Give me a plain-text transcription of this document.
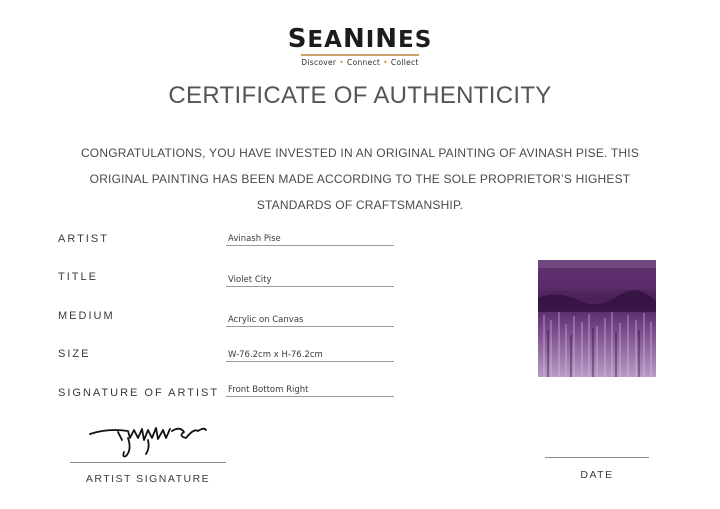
SEANINES
Discover • Connect • Collect
CERTIFICATE OF AUTHENTICITY
CONGRATULATIONS, YOU HAVE INVESTED IN AN ORIGINAL PAINTING OF AVINASH PISE. THIS
ORIGINAL PAINTING HAS BEEN MADE ACCORDING TO THE SOLE PROPRIETOR’S HIGHEST
STANDARDS OF CRAFTSMANSHIP.
ARTIST	Avinash Pise
TITLE	Violet City
MEDIUM	Acrylic on Canvas
SIZE	W-76.2cm x H-76.2cm
SIGNATURE OF ARTIST Front Bottom Right
ARTIST SIGNATURE	DATE
